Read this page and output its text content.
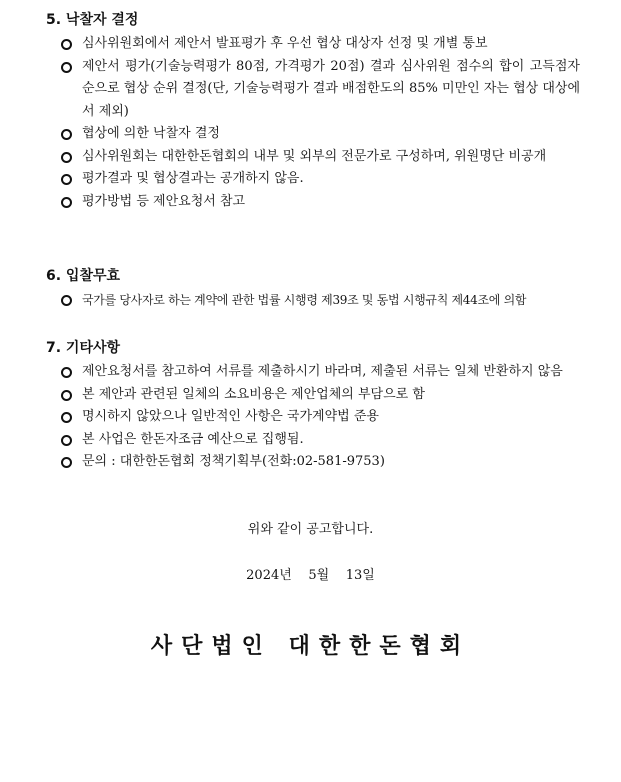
5. 낙찰자 결정
심사위원회에서 제안서 발표평가 후 우선 협상 대상자 선정 및 개별 통보
제안서 평가(기술능력평가 80점, 가격평가 20점) 결과 심사위원 점수의 합이 고득점자순으로 협상 순위 결정(단, 기술능력평가 결과 배점한도의 85% 미만인 자는 협상 대상에서 제외)
협상에 의한 낙찰자 결정
심사위원회는 대한한돈협회의 내부 및 외부의 전문가로 구성하며, 위원명단 비공개
평가결과 및 협상결과는 공개하지 않음.
평가방법 등 제안요청서 참고
6. 입찰무효
국가를 당사자로 하는 계약에 관한 법률 시행령 제39조 및 동법 시행규칙 제44조에 의함
7. 기타사항
제안요청서를 참고하여 서류를 제출하시기 바라며, 제출된 서류는 일체 반환하지 않음
본 제안과 관련된 일체의 소요비용은 제안업체의 부담으로 함
명시하지 않았으나 일반적인 사항은 국가계약법 준용
본 사업은 한돈자조금 예산으로 집행됨.
문의 : 대한한돈협회 정책기획부(전화:02-581-9753)
위와 같이 공고합니다.
2024년 5월 13일
사단법인 대한한돈협회
